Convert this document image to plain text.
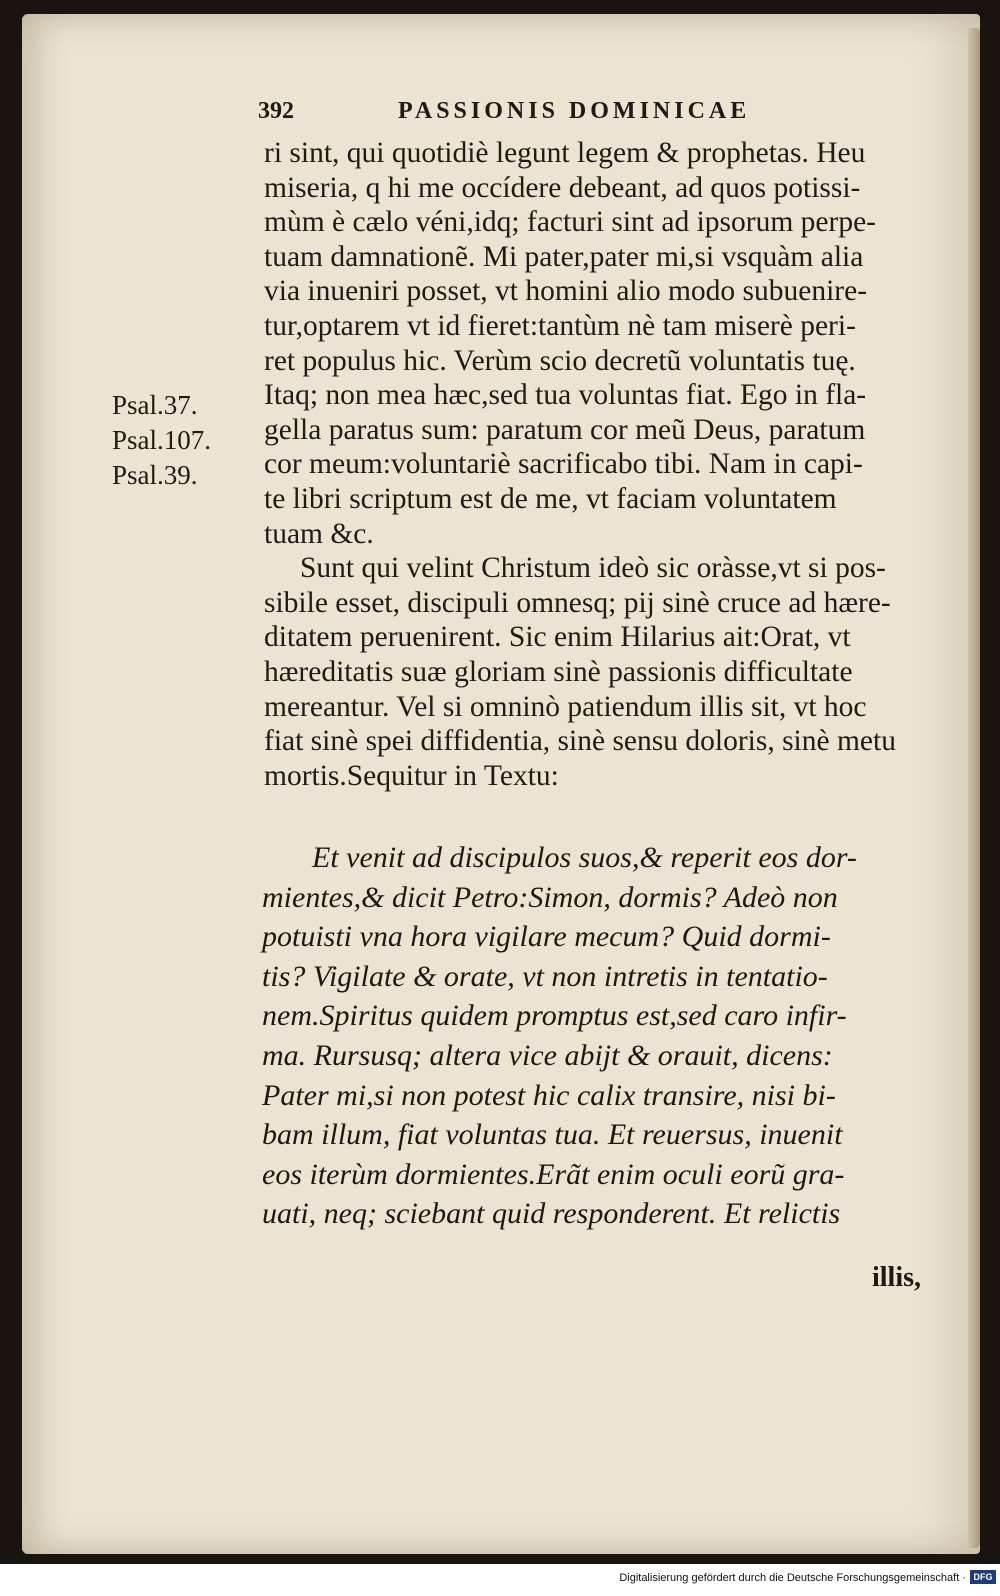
392	PASSIONIS DOMINICAE
Psal.37.
Psal.107.
Psal.39.
ri sint, qui quotidiè legunt legem & prophetas. Heu
miseria, q hi me occídere debeant, ad quos potissi-
mùm è cælo véni,idq; facturi sint ad ipsorum perpe-
tuam damnationẽ. Mi pater,pater mi,si vsquàm alia
via inueniri posset, vt homini alio modo subuenire-
tur,optarem vt id fieret:tantùm nè tam miserè peri-
ret populus hic. Verùm scio decretũ voluntatis tuę.
Itaq; non mea hæc,sed tua voluntas fiat. Ego in fla-
gella paratus sum: paratum cor meũ Deus, paratum
cor meum:voluntariè sacrificabo tibi. Nam in capi-
te libri scriptum est de me, vt faciam voluntatem
tuam &c.
Sunt qui velint Christum ideò sic oràsse,vt si pos-
sibile esset, discipuli omnesq; pij sinè cruce ad hære-
ditatem peruenirent. Sic enim Hilarius ait:Orat, vt
hæreditatis suæ gloriam sinè passionis difficultate
mereantur. Vel si omninò patiendum illis sit, vt hoc
fiat sinè spei diffidentia, sinè sensu doloris, sinè metu
mortis.Sequitur in Textu:
Et venit ad discipulos suos,& reperit eos dor-
mientes,& dicit Petro:Simon, dormis? Adeò non
potuisti vna hora vigilare mecum? Quid dormi-
tis? Vigilate & orate, vt non intretis in tentatio-
nem.Spiritus quidem promptus est,sed caro infir-
ma. Rursusq; altera vice abijt & orauit, dicens:
Pater mi,si non potest hic calix transire, nisi bi-
bam illum, fiat voluntas tua. Et reuersus, inuenit
eos iterùm dormientes.Erãt enim oculi eorũ gra-
uati, neq; sciebant quid responderent. Et relictis
illis,
Digitalisierung gefördert durch die Deutsche Forschungsgemeinschaft · DFG
